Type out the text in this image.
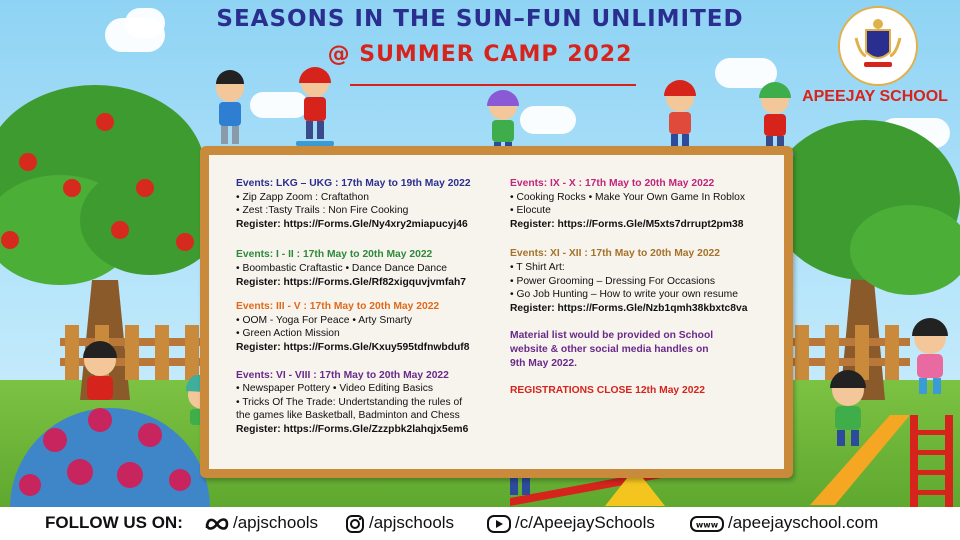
SEASONS IN THE SUN–FUN UNLIMITED
@ SUMMER CAMP 2022
APEEJAY SCHOOL

Events: LKG – UKG : 17th May to 19th May 2022

• Zip Zapp Zoom : Craftathon

• Zest :Tasty Trails : Non Fire Cooking

Register: https://Forms.Gle/Ny4xry2miapucyj46

Events: I - II : 17th May to 20th May 2022

• Boombastic Craftastic • Dance Dance Dance

Register: https://Forms.Gle/Rf82xigquvjvmfah7

Events: III - V : 17th May to 20th May 2022

• OOM - Yoga For Peace • Arty Smarty

• Green Action Mission

Register: https://Forms.Gle/Kxuy595tdfnwbduf8

Events: VI - VIII : 17th May to 20th May 2022

• Newspaper Pottery • Video Editing Basics

• Tricks Of The Trade: Undertstanding the rules of

the games like Basketball, Badminton and Chess

Register: https://Forms.Gle/Zzzpbk2lahqjx5em6

Events: IX - X : 17th May to 20th May 2022

• Cooking Rocks • Make Your Own Game In Roblox

• Elocute

Register: https://Forms.Gle/M5xts7drrupt2pm38

Events: XI - XII : 17th May to 20th May 2022

• T Shirt Art:

• Power Grooming – Dressing For Occasions

• Go Job Hunting – How to write your own resume

Register: https://Forms.Gle/Nzb1qmh38kbxtc8va

Material list would be provided on School

website & other social media handles on

9th May 2022.

REGISTRATIONS CLOSE 12th May 2022

FOLLOW US ON:	/apjschools	/apjschools	/c/ApeejaySchools	www /apeejayschool.com
